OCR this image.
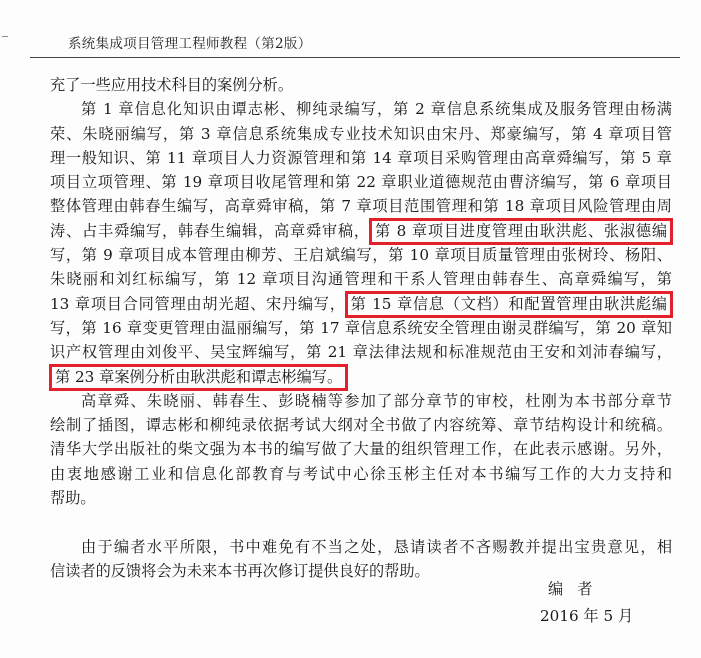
系统集成项目管理工程师教程（第2版）
充了一些应用技术科目的案例分析。
第 1 章信息化知识由谭志彬、柳纯录编写，第 2 章信息系统集成及服务管理由杨满
荣、朱晓丽编写，第 3 章信息系统集成专业技术知识由宋丹、郑豪编写，第 4 章项目管
理一般知识、第 11 章项目人力资源管理和第 14 章项目采购管理由高章舜编写，第 5 章
项目立项管理、第 19 章项目收尾管理和第 22 章职业道德规范由曹济编写，第 6 章项目
整体管理由韩春生编写，高章舜审稿，第 7 章项目范围管理和第 18 章项目风险管理由周
涛、占丰舜编写，韩春生编辑，高章舜审稿， 第 8 章项目进度管理由耿洪彪、张淑德编
写，第 9 章项目成本管理由柳芳、王启斌编写，第 10 章项目质量管理由张树玲、杨阳、
朱晓丽和刘红标编写，第 12 章项目沟通管理和干系人管理由韩春生、高章舜编写，第
13 章项目合同管理由胡光超、宋丹编写， 第 15 章信息（文档）和配置管理由耿洪彪编
写，第 16 章变更管理由温丽编写，第 17 章信息系统安全管理由谢灵群编写，第 20 章知
识产权管理由刘俊平、吴宝辉编写，第 21 章法律法规和标准规范由王安和刘沛春编写，
第 23 章案例分析由耿洪彪和谭志彬编写。
高章舜、朱晓丽、韩春生、彭晓楠等参加了部分章节的审校，杜刚为本书部分章节
绘制了插图，谭志彬和柳纯录依据考试大纲对全书做了内容统筹、章节结构设计和统稿。
清华大学出版社的柴文强为本书的编写做了大量的组织管理工作，在此表示感谢。另外，
由衷地感谢工业和信息化部教育与考试中心徐玉彬主任对本书编写工作的大力支持和
帮助。
由于编者水平所限，书中难免有不当之处，恳请读者不吝赐教并提出宝贵意见，相
信读者的反馈将会为未来本书再次修订提供良好的帮助。
编者
2016 年 5 月
